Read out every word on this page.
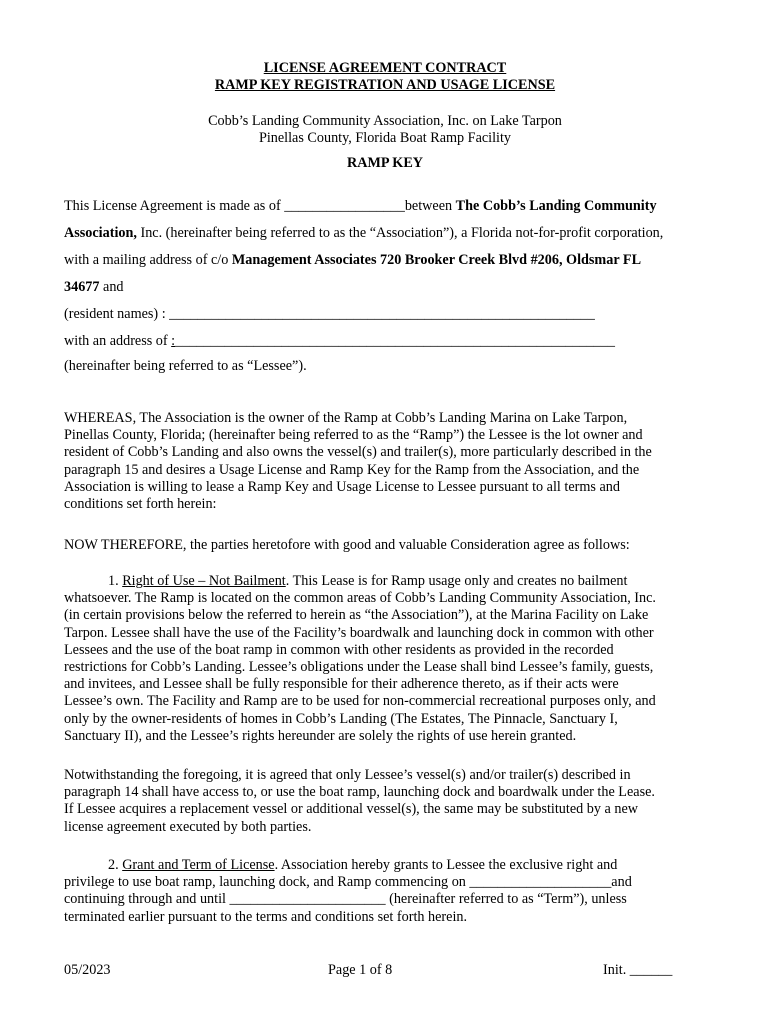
LICENSE AGREEMENT CONTRACT
RAMP KEY REGISTRATION AND USAGE LICENSE
Cobb’s Landing Community Association, Inc. on Lake Tarpon
Pinellas County, Florida Boat Ramp Facility
RAMP KEY
This License Agreement is made as of _________________between The Cobb’s Landing Community
Association, Inc. (hereinafter being referred to as the “Association”), a Florida not-for-profit corporation,
with a mailing address of c/o Management Associates 720 Brooker Creek Blvd #206, Oldsmar FL
34677 and
(resident names) : ____________________________________________________________
with an address of :______________________________________________________________
(hereinafter being referred to as “Lessee”).
WHEREAS, The Association is the owner of the Ramp at Cobb’s Landing Marina on Lake Tarpon,
Pinellas County, Florida; (hereinafter being referred to as the “Ramp”) the Lessee is the lot owner and
resident of Cobb’s Landing and also owns the vessel(s) and trailer(s), more particularly described in the
paragraph 15 and desires a Usage License and Ramp Key for the Ramp from the Association, and the
Association is willing to lease a Ramp Key and Usage License to Lessee pursuant to all terms and
conditions set forth herein:
NOW THEREFORE, the parties heretofore with good and valuable Consideration agree as follows:
1. Right of Use – Not Bailment. This Lease is for Ramp usage only and creates no bailment
whatsoever. The Ramp is located on the common areas of Cobb’s Landing Community Association, Inc.
(in certain provisions below the referred to herein as “the Association”), at the Marina Facility on Lake
Tarpon. Lessee shall have the use of the Facility’s boardwalk and launching dock in common with other
Lessees and the use of the boat ramp in common with other residents as provided in the recorded
restrictions for Cobb’s Landing. Lessee’s obligations under the Lease shall bind Lessee’s family, guests,
and invitees, and Lessee shall be fully responsible for their adherence thereto, as if their acts were
Lessee’s own. The Facility and Ramp are to be used for non-commercial recreational purposes only, and
only by the owner-residents of homes in Cobb’s Landing (The Estates, The Pinnacle, Sanctuary I,
Sanctuary II), and the Lessee’s rights hereunder are solely the rights of use herein granted.
Notwithstanding the foregoing, it is agreed that only Lessee’s vessel(s) and/or trailer(s) described in
paragraph 14 shall have access to, or use the boat ramp, launching dock and boardwalk under the Lease.
If Lessee acquires a replacement vessel or additional vessel(s), the same may be substituted by a new
license agreement executed by both parties.
2. Grant and Term of License. Association hereby grants to Lessee the exclusive right and
privilege to use boat ramp, launching dock, and Ramp commencing on ____________________and
continuing through and until ______________________ (hereinafter referred to as “Term”), unless
terminated earlier pursuant to the terms and conditions set forth herein.
05/2023	Page 1 of 8	Init. ______
